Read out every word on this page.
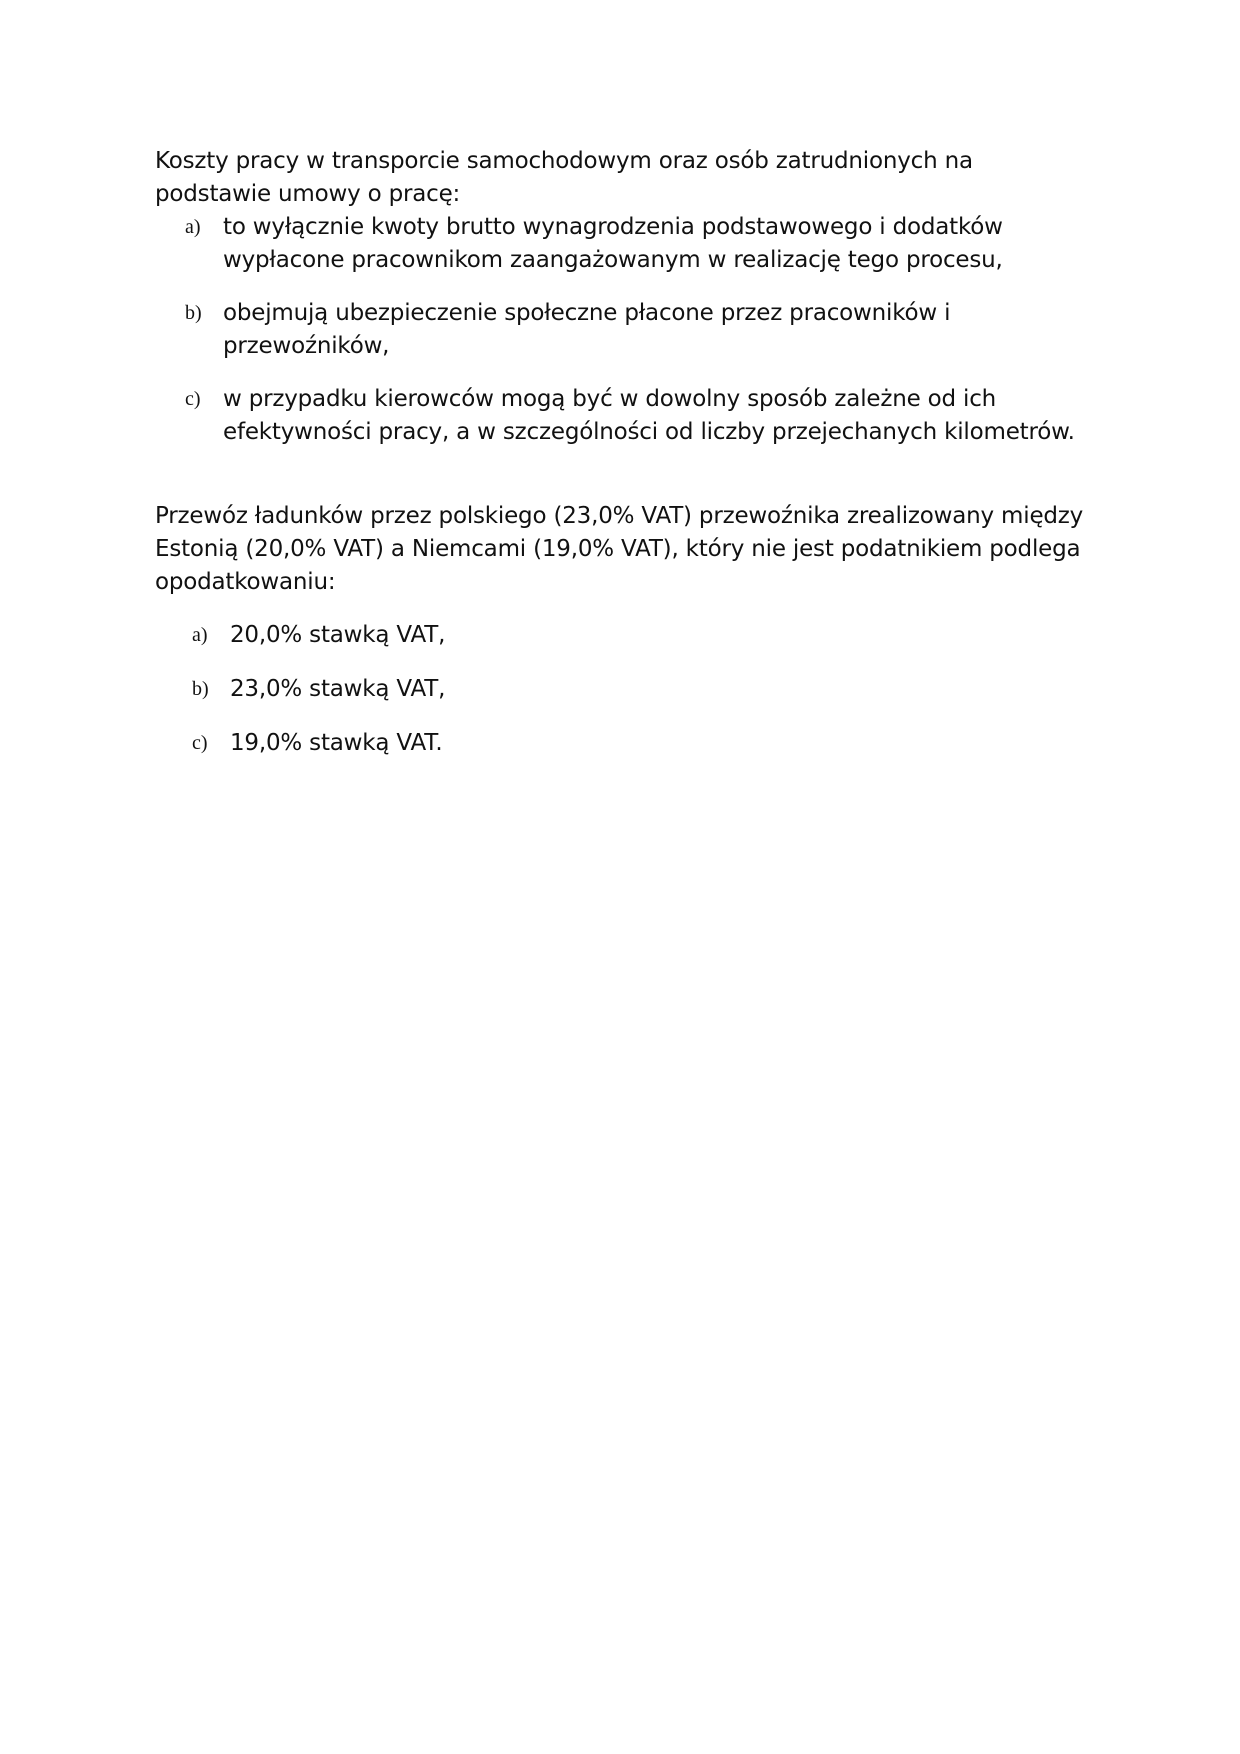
Koszty pracy w transporcie samochodowym oraz osób zatrudnionych na podstawie umowy o pracę:

a) to wyłącznie kwoty brutto wynagrodzenia podstawowego i dodatków wypłacone pracownikom zaangażowanym w realizację tego procesu,
b) obejmują ubezpieczenie społeczne płacone przez pracowników i przewoźników,
c) w przypadku kierowców mogą być w dowolny sposób zależne od ich efektywności pracy, a w szczególności od liczby przejechanych kilometrów.

Przewóz ładunków przez polskiego (23,0% VAT) przewoźnika zrealizowany między Estonią (20,0% VAT) a Niemcami (19,0% VAT), który nie jest podatnikiem podlega opodatkowaniu:

a) 20,0% stawką VAT,
b) 23,0% stawką VAT,
c) 19,0% stawką VAT.
